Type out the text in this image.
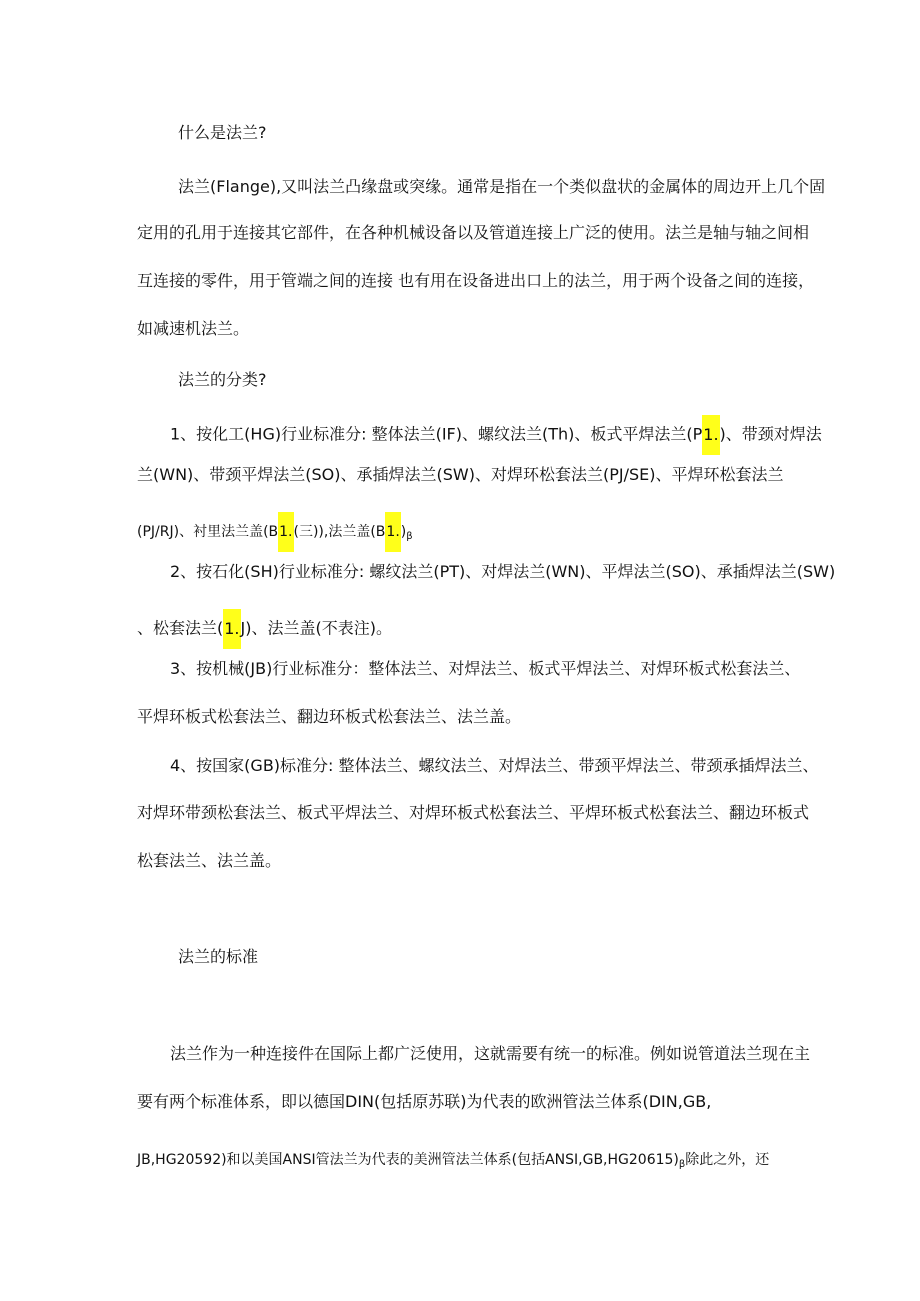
什么是法兰?
法兰(Flange),又叫法兰凸缘盘或突缘。通常是指在一个类似盘状的金属体的周边开上几个固
定用的孔用于连接其它部件，在各种机械设备以及管道连接上广泛的使用。法兰是轴与轴之间相
互连接的零件，用于管端之间的连接 也有用在设备进出口上的法兰，用于两个设备之间的连接，
如减速机法兰。
法兰的分类?
1、按化工(HG)行业标准分: 整体法兰(IF)、螺纹法兰(Th)、板式平焊法兰(P1.)、带颈对焊法
兰(WN)、带颈平焊法兰(SO)、承插焊法兰(SW)、对焊环松套法兰(PJ/SE)、平焊环松套法兰
(PJ/RJ)、衬里法兰盖(B1.(三)),法兰盖$(B1.)_\beta$
2、按石化(SH)行业标准分: 螺纹法兰(PT)、对焊法兰(WN)、平焊法兰(SO)、承插焊法兰(SW)
、松套法兰(1.J)、法兰盖(不表注)。
3、按机械(JB)行业标准分：整体法兰、对焊法兰、板式平焊法兰、对焊环板式松套法兰、
平焊环板式松套法兰、翻边环板式松套法兰、法兰盖。
4、按国家(GB)标准分: 整体法兰、螺纹法兰、对焊法兰、带颈平焊法兰、带颈承插焊法兰、
对焊环带颈松套法兰、板式平焊法兰、对焊环板式松套法兰、平焊环板式松套法兰、翻边环板式
松套法兰、法兰盖。
法兰的标准
法兰作为一种连接件在国际上都广泛使用，这就需要有统一的标准。例如说管道法兰现在主
要有两个标准体系，即以德国DIN(包括原苏联)为代表的欧洲管法兰体系(DIN,GB,
JB,HG20592)和以美国ANSI管法兰为代表的美洲管法兰体系(包括$ANSI,GB,HG20615)_\beta$除此之外，还
